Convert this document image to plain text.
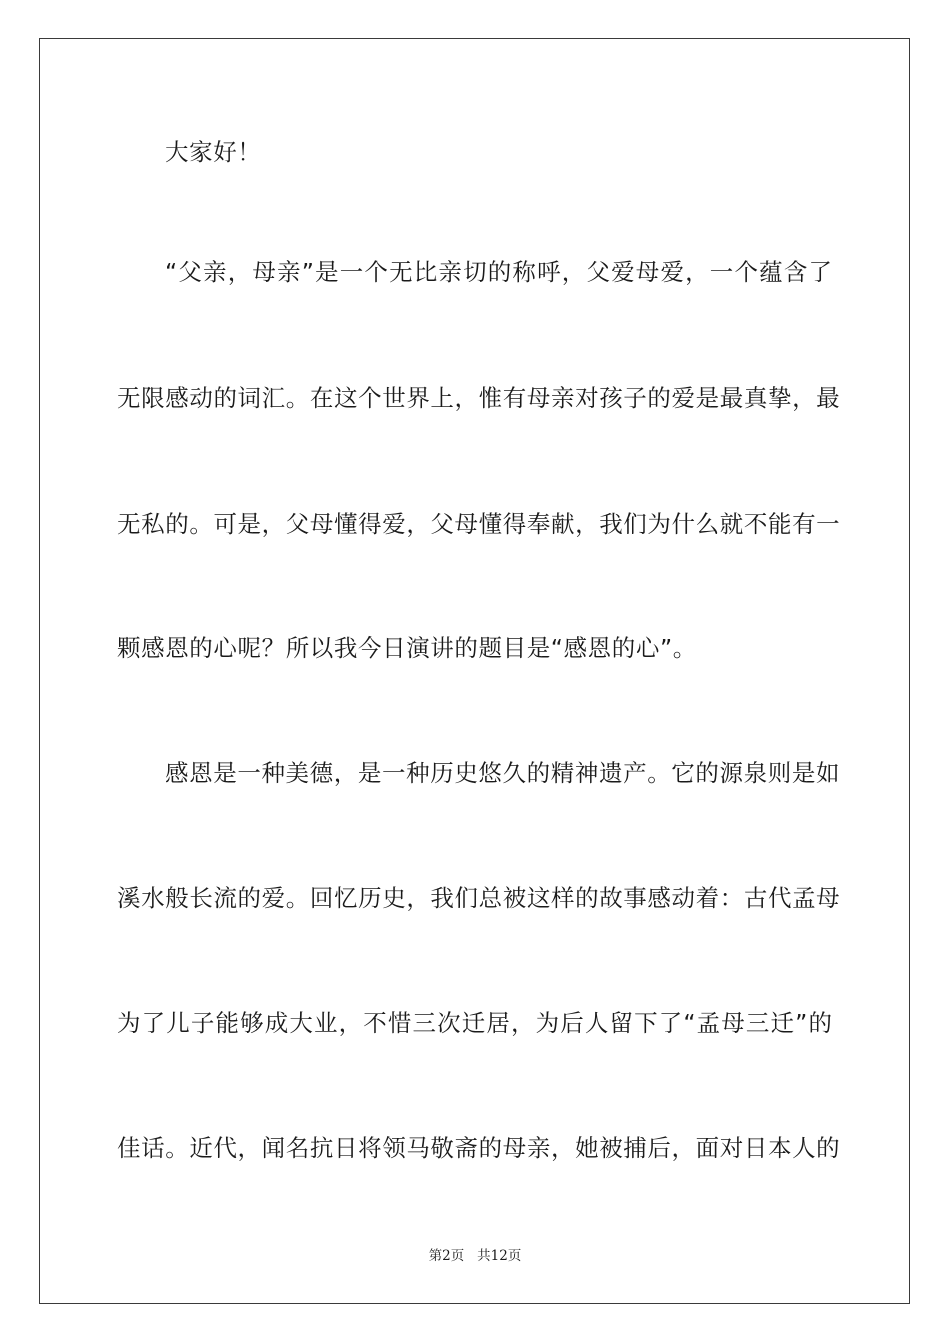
大家好！
“ 父 亲 ， 母 亲 ” 是 一 个 无 比 亲 切 的 称 呼 ， 父 爱 母 爱 ， 一 个 蕴 含 了
无 限 感 动 的 词 汇 。 在 这 个 世 界 上 ， 惟 有 母 亲 对 孩 子 的 爱 是 最 真 挚 ， 最
无 私 的 。 可 是 ， 父 母 懂 得 爱 ， 父 母 懂 得 奉 献 ， 我 们 为 什 么 就 不 能 有 一
颗感恩的心呢？所以我今日演讲的题目是“感恩的心”。
感 恩 是 一 种 美 德 ， 是 一 种 历 史 悠 久 的 精 神 遗 产 。 它 的 源 泉 则 是 如
溪 水 般 长 流 的 爱 。 回 忆 历 史 ， 我 们 总 被 这 样 的 故 事 感 动 着 ： 古 代 孟 母
为 了 儿 子 能 够 成 大 业 ， 不 惜 三 次 迁 居 ， 为 后 人 留 下 了 “ 孟 母 三 迁 ” 的
佳 话 。 近 代 ， 闻 名 抗 日 将 领 马 敬 斋 的 母 亲 ， 她 被 捕 后 ， 面 对 日 本 人 的
第2页 共12页
